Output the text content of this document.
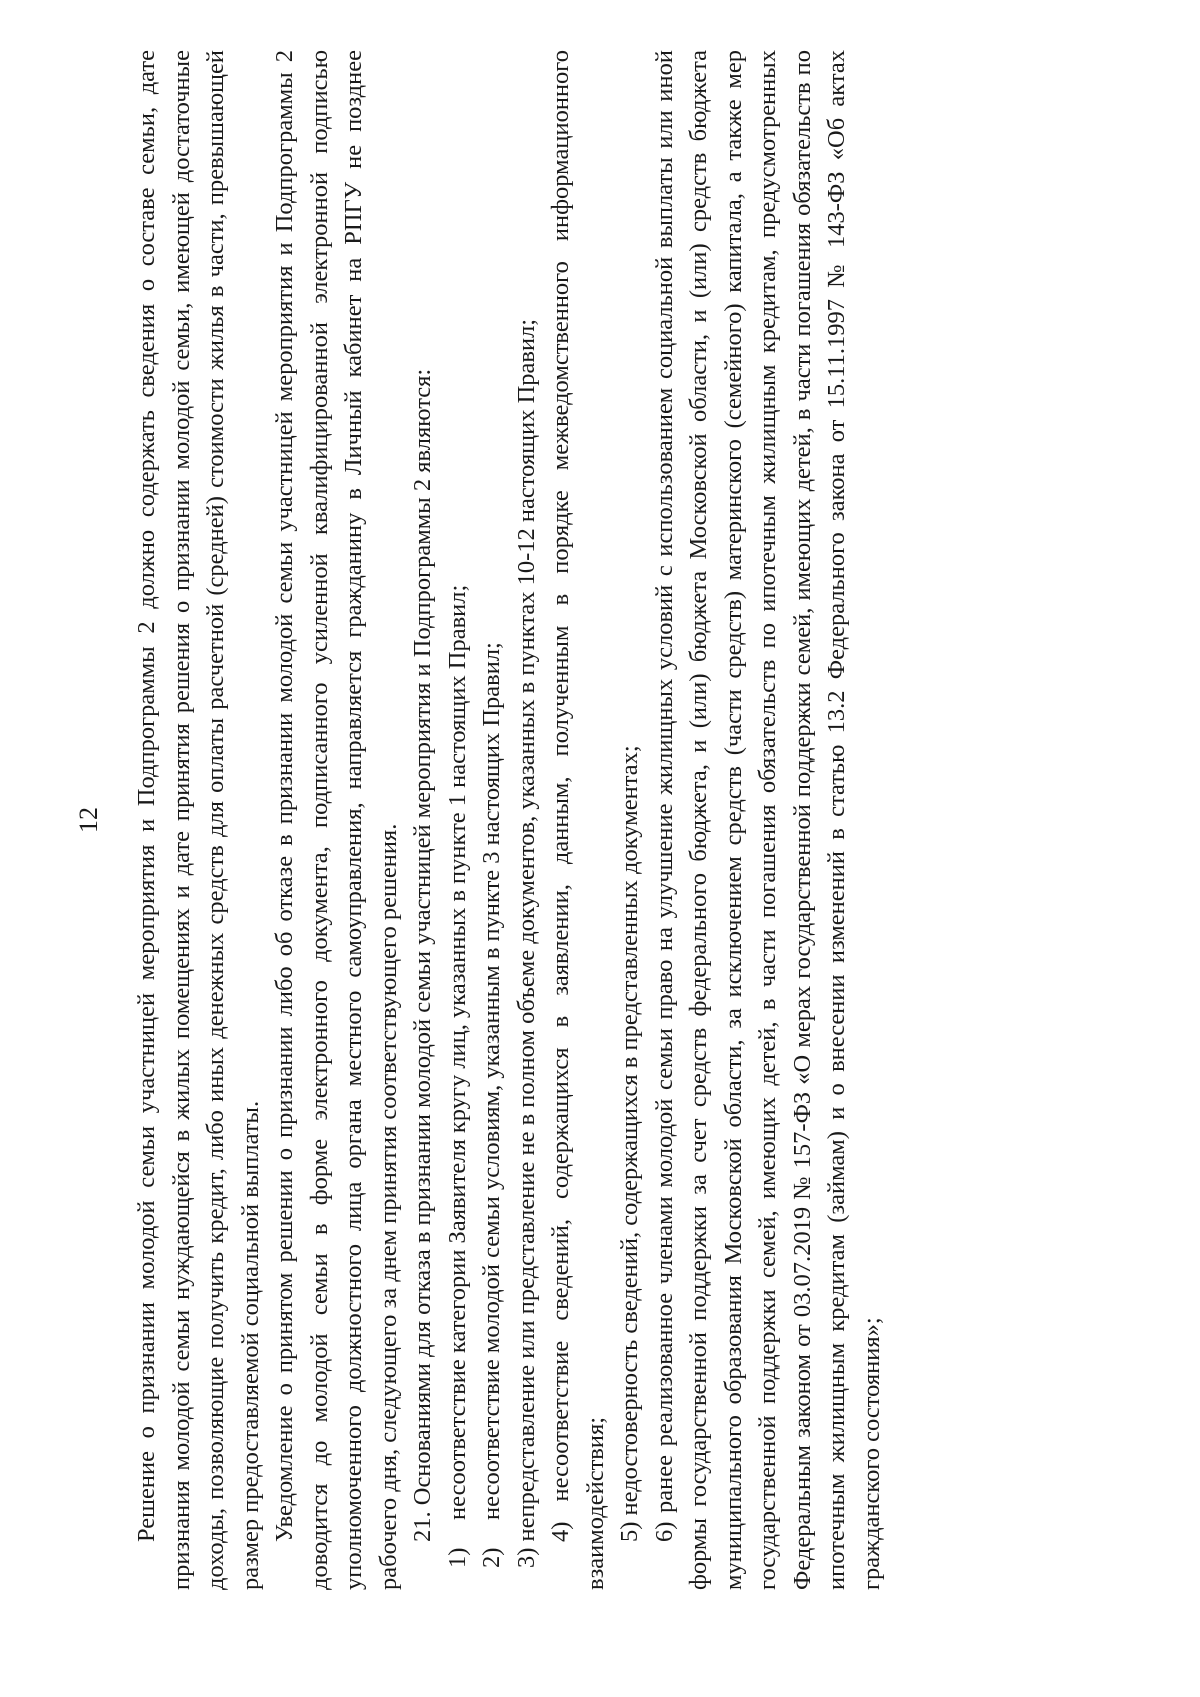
12 Решение о признании молодой семьи участницей мероприятия и Подпрограммы 2 должно содержать сведения о составе семьи, дате признания молодой семьи нуждающейся в жилых помещениях и дате принятия решения о признании молодой семьи, имеющей достаточные доходы, позволяющие получить кредит, либо иных денежных средств для оплаты расчетной (средней) стоимости жилья в части, превышающей размер предоставляемой социальной выплаты. Уведомление о принятом решении о признании либо об отказе в признании молодой семьи участницей мероприятия и Подпрограммы 2 доводится до молодой семьи в форме электронного документа, подписанного усиленной квалифицированной электронной подписью уполномоченного должностного лица органа местного самоуправления, направляется гражданину в Личный кабинет на РПГУ не позднее рабочего дня, следующего за днем принятия соответствующего решения. 21. Основаниями для отказа в признании молодой семьи участницей мероприятия и Подпрограммы 2 являются:

1)
несоответствие категории Заявителя кругу лиц, указанных в пункте 1 настоящих Правил;

2)
несоответствие молодой семьи условиям, указанным в пункте 3 настоящих Правил; 3) непредставление или представление не в полном объеме документов, указанных в пунктах 10-12 настоящих Правил; 4) несоответствие сведений, содержащихся в заявлении, данным, полученным в порядке межведомственного информационного взаимодействия; 5) недостоверность сведений, содержащихся в представленных документах; 6) ранее реализованное членами молодой семьи право на улучшение жилищных условий с использованием социальной выплаты или иной формы государственной поддержки за счет средств федерального бюджета, и (или) бюджета Московской области, и (или) средств бюджета муниципального образования Московской области, за исключением средств (части средств) материнского (семейного) капитала, а также мер государственной поддержки семей, имеющих детей, в части погашения обязательств по ипотечным жилищным кредитам, предусмотренных Федеральным законом от 03.07.2019 № 157-ФЗ «О мерах государственной поддержки семей, имеющих детей, в части погашения обязательств по ипотечным жилищным кредитам (займам) и о внесении изменений в статью 13.2 Федерального закона от 15.11.1997 № 143-ФЗ «Об актах гражданского состояния»;
